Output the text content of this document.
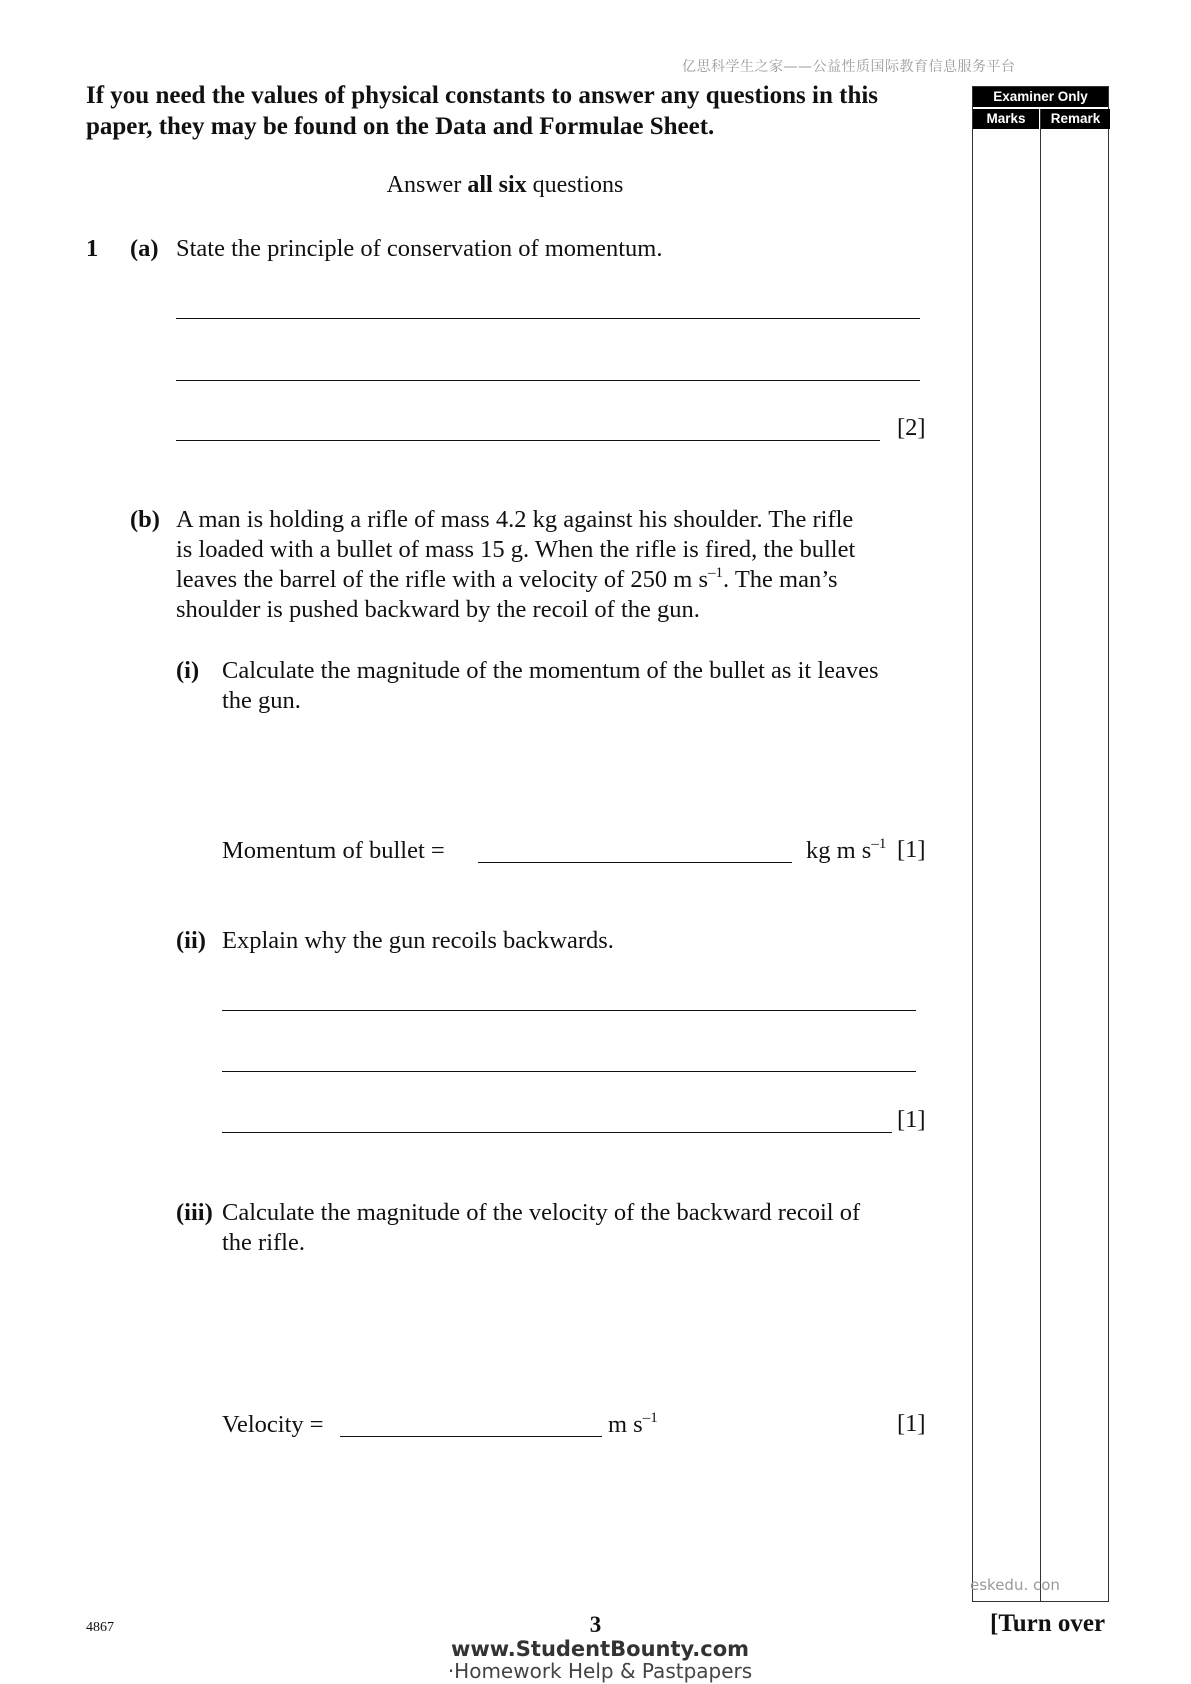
亿思科学生之家——公益性质国际教育信息服务平台
If you need the values of physical constants to answer any questions in this paper, they may be found on the Data and Formulae Sheet.
Answer all six questions
Examiner Only
Marks	Remark
1 (a) State the principle of conservation of momentum.
[2]
(b) A man is holding a rifle of mass 4.2 kg against his shoulder. The rifle
is loaded with a bullet of mass 15 g. When the rifle is fired, the bullet
leaves the barrel of the rifle with a velocity of 250 m $s^{-1}$. The man’s
shoulder is pushed backward by the recoil of the gun.
(i) Calculate the magnitude of the momentum of the bullet as it leaves
the gun.
Momentum of bullet =	kg m $s^{-1}$ [1]
(ii) Explain why the gun recoils backwards.
[1]
(iii) Calculate the magnitude of the velocity of the backward recoil of
the rifle.
Velocity =	m $s^{-1}$	[1]
eskedu. con
4867	3	[Turn over
www.StudentBounty.com
·Homework Help & Pastpapers
